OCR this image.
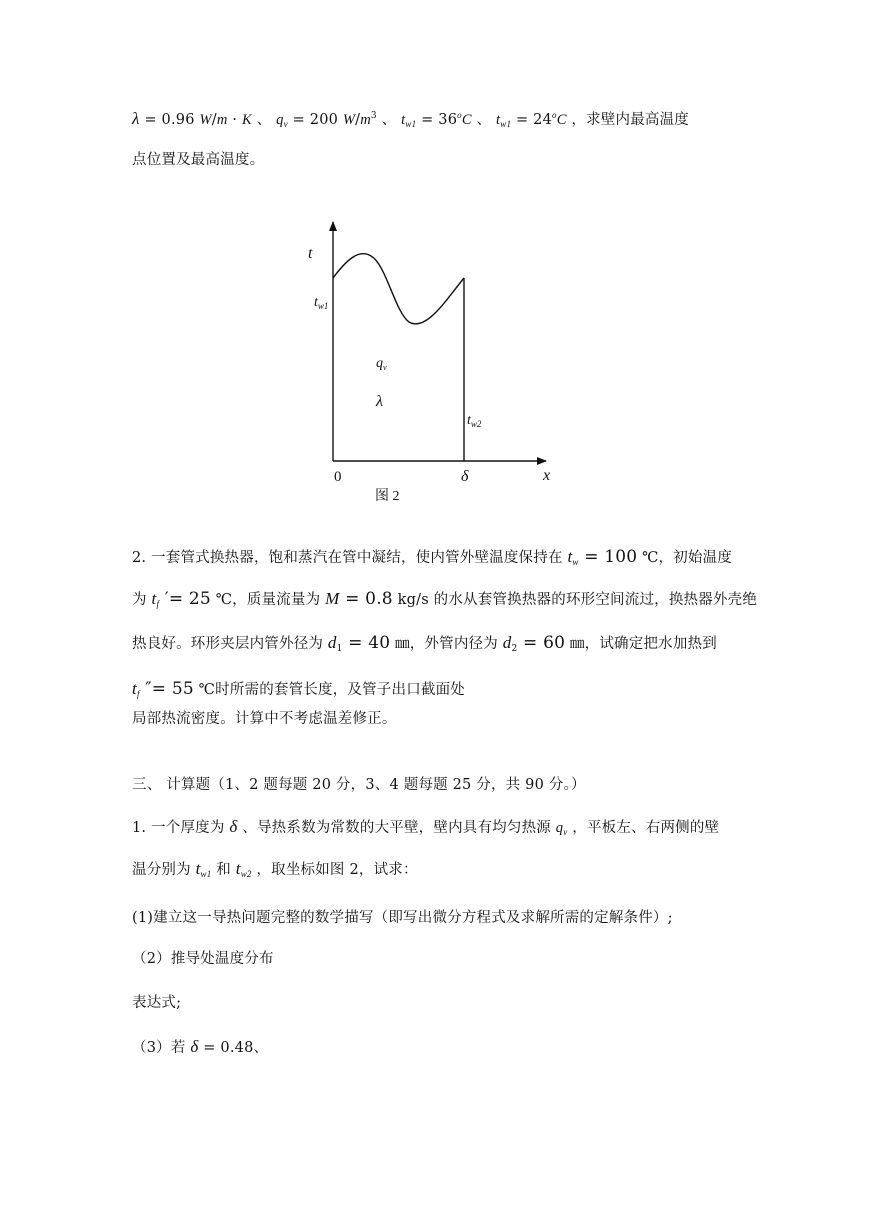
λ = 0.96 W/m · K 、 $q_v = 200$ $W/m^3$ 、 $t_{w1} = 36^oC$ 、 $t_{w1} = 24^oC$ ，求壁内最高温度
点位置及最高温度。
t
$t_{w1}$
$q_v$
λ
$t_{w2}$
0	δ	x
图 2
2. 一套管式换热器，饱和蒸汽在管中凝结，使内管外壁温度保持在 $t_w = 100$ ℃，初始温度
为 $t_f$ ′= 25 ℃，质量流量为 M = 0.8 kg/s 的水从套管换热器的环形空间流过，换热器外壳绝
热良好。环形夹层内管外径为 $d_1 = 40$ ㎜，外管内径为 $d_2 = 60$ ㎜，试确定把水加热到
$t_f$ ″= 55 ℃时所需的套管长度，及管子出口截面处
局部热流密度。计算中不考虑温差修正。
三、 计算题（1、2 题每题 20 分，3、4 题每题 25 分，共 90 分。）
1. 一个厚度为 δ 、导热系数为常数的大平壁，壁内具有均匀热源 $q_v$ ，平板左、右两侧的壁
温分别为 $t_{w1}$ 和 $t_{w2}$ ，取坐标如图 2，试求：
(1)建立这一导热问题完整的数学描写（即写出微分方程式及求解所需的定解条件）;
（2）推导处温度分布
表达式;
（3）若 δ = 0.48、
